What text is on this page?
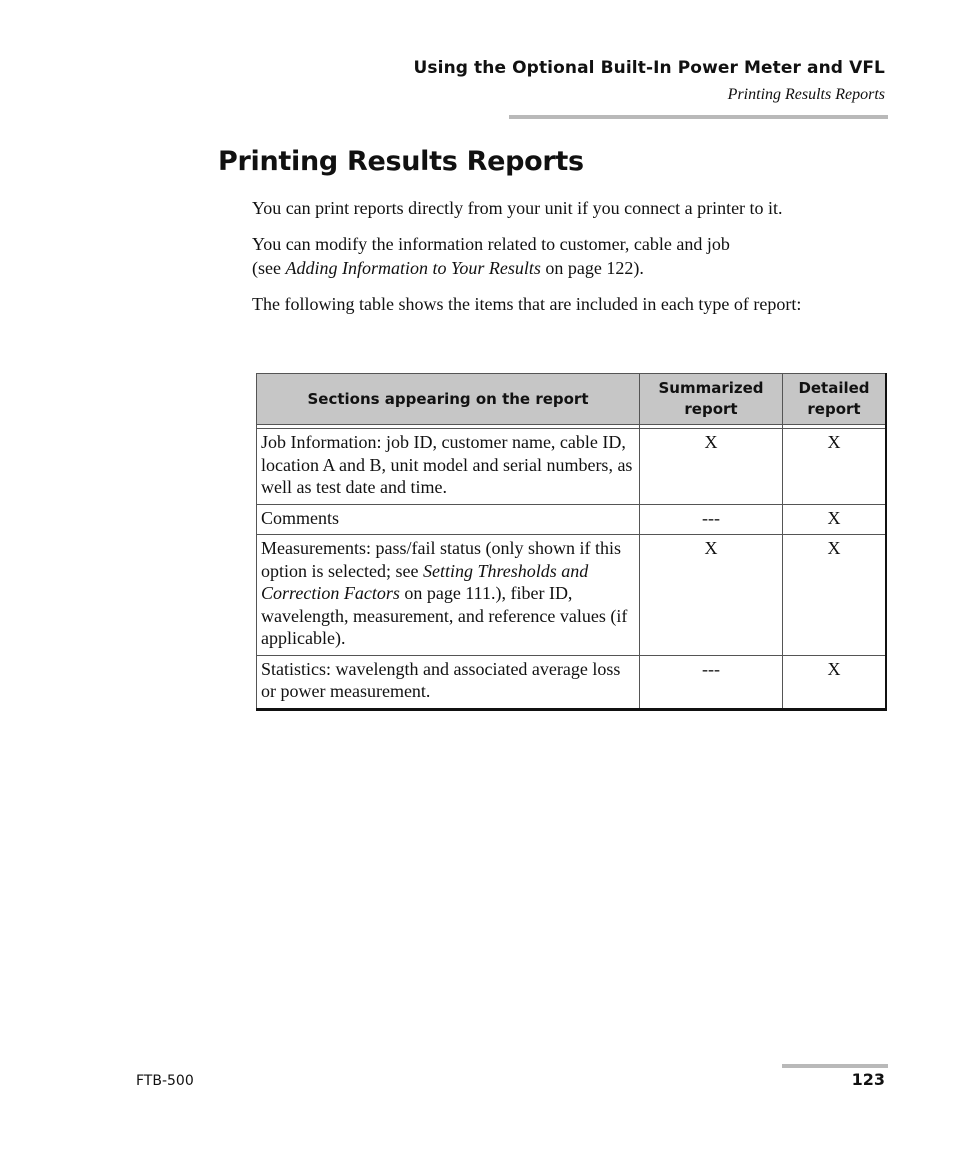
Using the Optional Built-In Power Meter and VFL
Printing Results Reports
Printing Results Reports

You can print reports directly from your unit if you connect a printer to it.

You can modify the information related to customer, cable and job
(see Adding Information to Your Results on page 122).

The following table shows the items that are included in each type of report:

Sections appearing on the report	Summarized report	Detailed report

Job Information: job ID, customer name, cable ID, location A and B, unit model and serial numbers, as well as test date and time.	X	X
Comments	---	X
Measurements: pass/fail status (only shown if this option is selected; see Setting Thresholds and Correction Factors on page 111.), fiber ID, wavelength, measurement, and reference values (if applicable).	X	X
Statistics: wavelength and associated average loss or power measurement.	---	X
FTB-500	123
